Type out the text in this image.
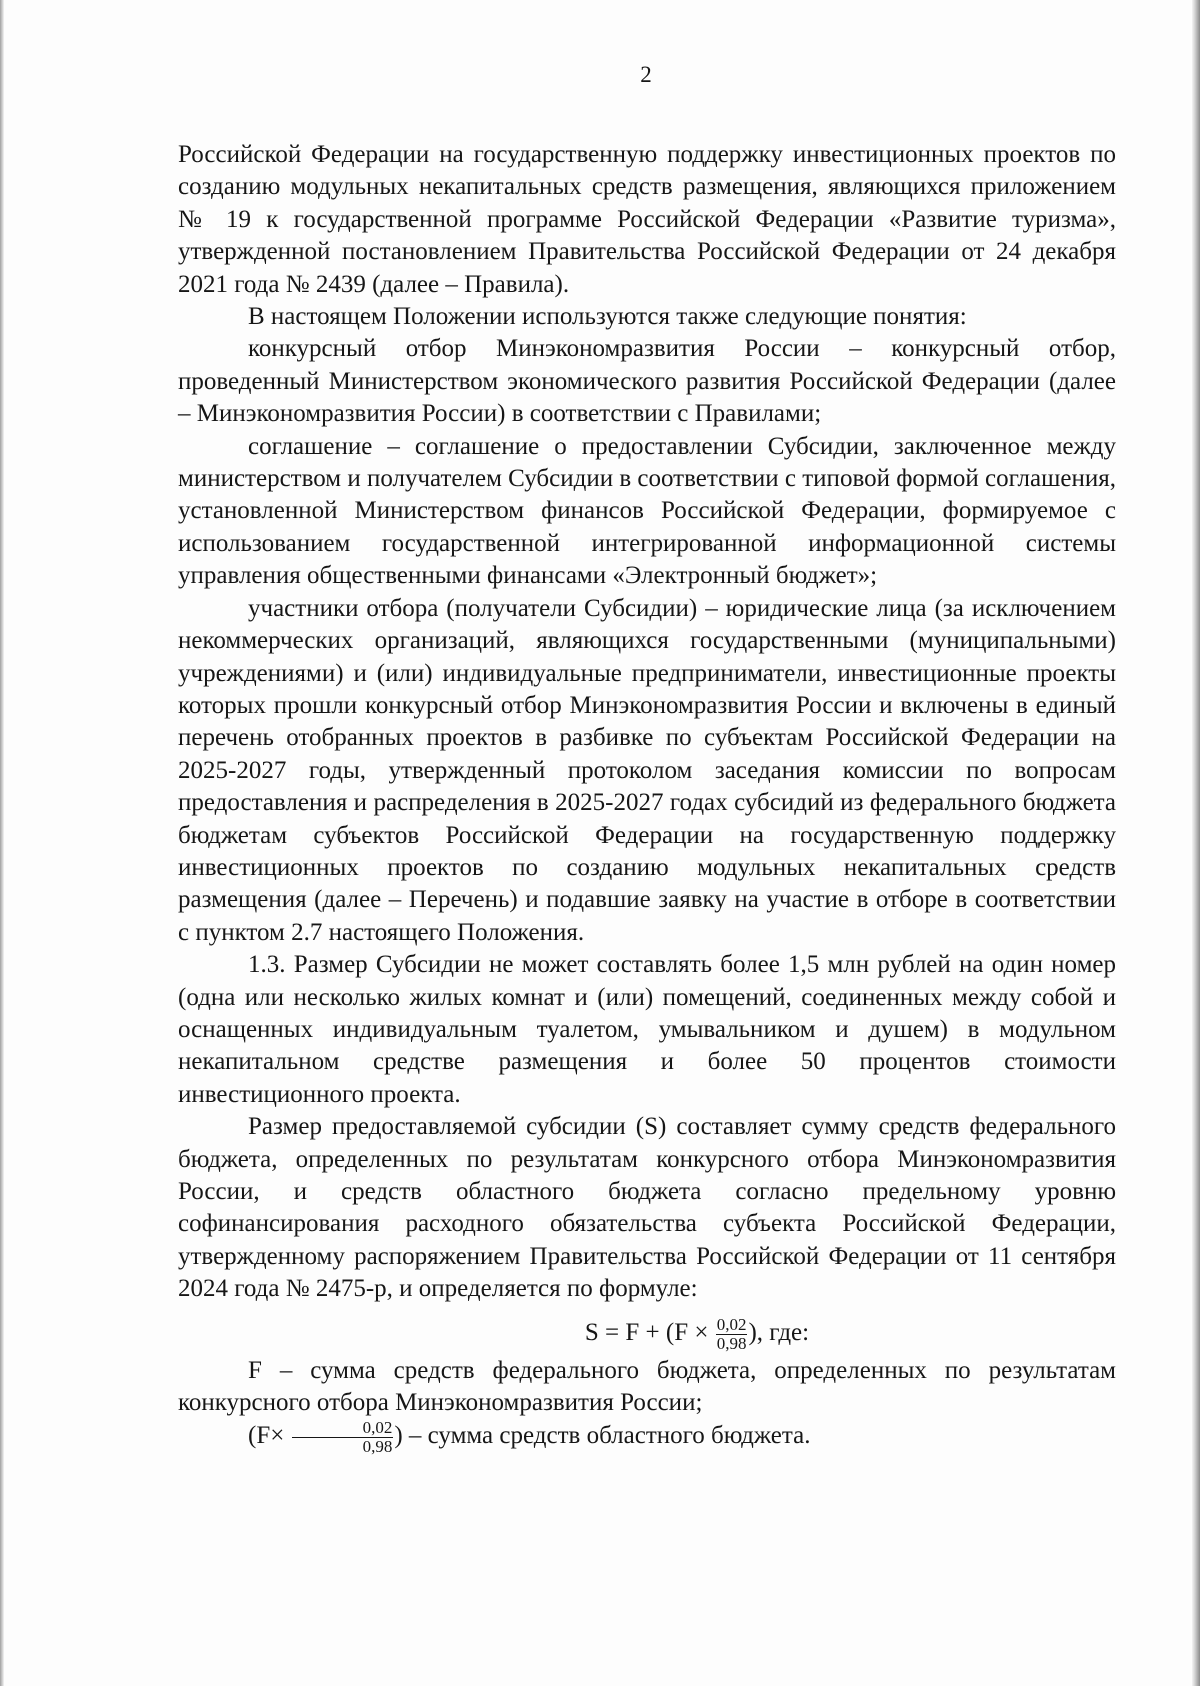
2

Российской Федерации на государственную поддержку инвестиционных проектов по созданию модульных некапитальных средств размещения, являющихся приложением № 19 к государственной программе Российской Федерации «Развитие туризма», утвержденной постановлением Правительства Российской Федерации от 24 декабря 2021 года № 2439 (далее – Правила).

В настоящем Положении используются также следующие понятия:

конкурсный отбор Минэкономразвития России – конкурсный отбор, проведенный Министерством экономического развития Российской Федерации (далее – Минэкономразвития России) в соответствии с Правилами;

соглашение – соглашение о предоставлении Субсидии, заключенное между министерством и получателем Субсидии в соответствии с типовой формой соглашения, установленной Министерством финансов Российской Федерации, формируемое с использованием государственной интегрированной информационной системы управления общественными финансами «Электронный бюджет»;

участники отбора (получатели Субсидии) – юридические лица (за исключением некоммерческих организаций, являющихся государственными (муниципальными) учреждениями) и (или) индивидуальные предприниматели, инвестиционные проекты которых прошли конкурсный отбор Минэкономразвития России и включены в единый перечень отобранных проектов в разбивке по субъектам Российской Федерации на 2025-2027 годы, утвержденный протоколом заседания комиссии по вопросам предоставления и распределения в 2025-2027 годах субсидий из федерального бюджета бюджетам субъектов Российской Федерации на государственную поддержку инвестиционных проектов по созданию модульных некапитальных средств размещения (далее – Перечень) и подавшие заявку на участие в отборе в соответствии с пунктом 2.7 настоящего Положения.

1.3. Размер Субсидии не может составлять более 1,5 млн рублей на один номер (одна или несколько жилых комнат и (или) помещений, соединенных между собой и оснащенных индивидуальным туалетом, умывальником и душем) в модульном некапитальном средстве размещения и более 50 процентов стоимости инвестиционного проекта.

Размер предоставляемой субсидии (S) составляет сумму средств федерального бюджета, определенных по результатам конкурсного отбора Минэкономразвития России, и средств областного бюджета согласно предельному уровню софинансирования расходного обязательства субъекта Российской Федерации, утвержденному распоряжением Правительства Российской Федерации от 11 сентября 2024 года № 2475-р, и определяется по формуле:

$S = F + (F \times \frac{0,02}{0,98}$ ), где:

F – сумма средств федерального бюджета, определенных по результатам конкурсного отбора Минэкономразвития России;

($F\times \frac{0,02}{0,98}$ ) – сумма средств областного бюджета.
